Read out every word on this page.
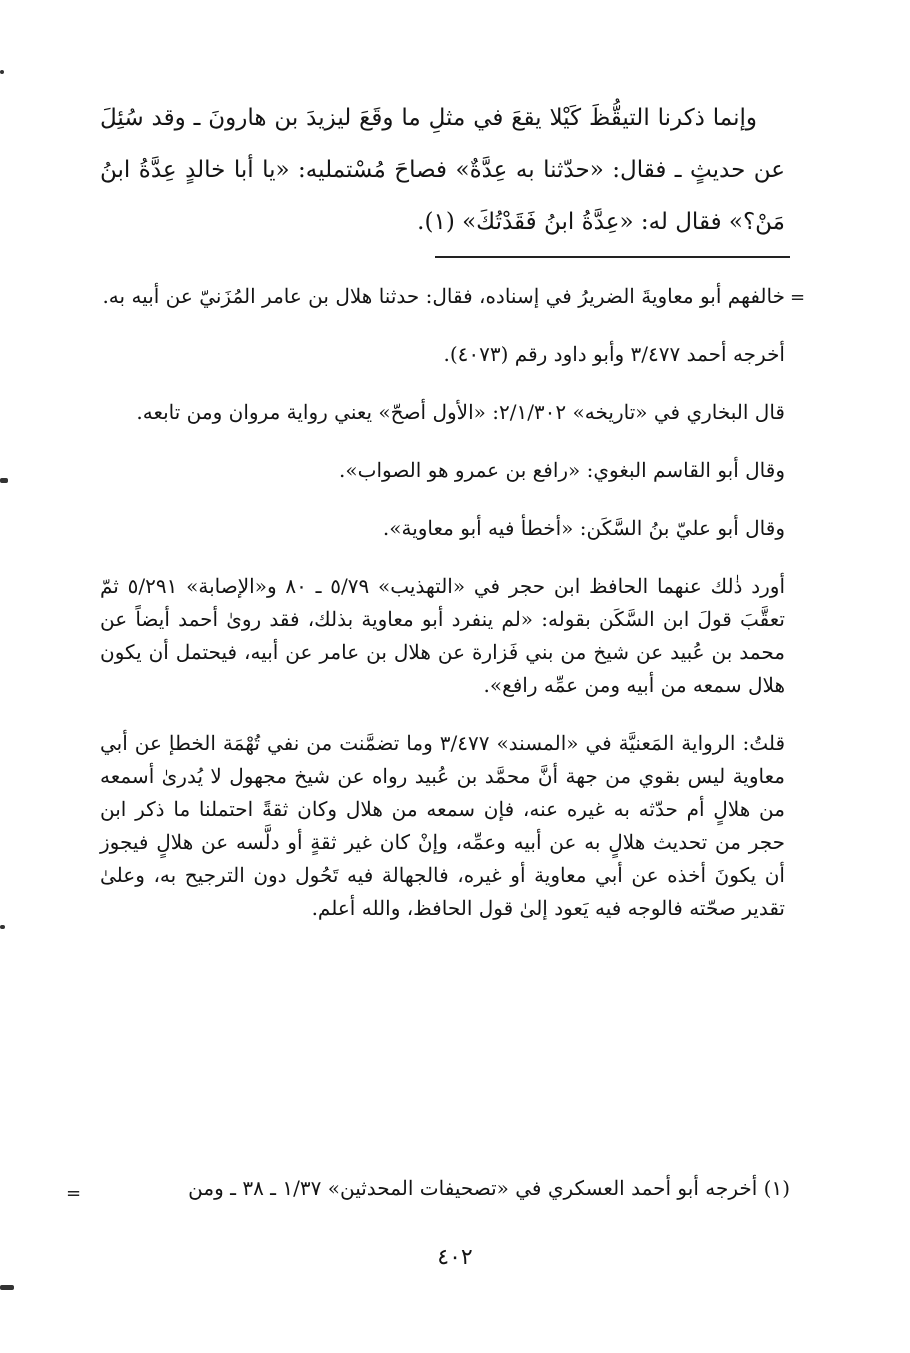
وإنما ذكرنا التيقُّظَ كَيْلا يقعَ في مثلِ ما وقَعَ ليزيدَ بن هارونَ ـ وقد سُئِلَ عن حديثٍ ـ فقال: «حدّثنا به عِدَّةٌ» فصاحَ مُسْتمليه: «يا أبا خالدٍ عِدَّةُ ابنُ مَنْ؟» فقال له: «عِدَّةُ ابنُ فَقَدْتُكَ» (١).

=

خالفهم أبو معاويةَ الضريرُ في إسناده، فقال: حدثنا هلال بن عامر المُزَنيّ عن أبيه به.

أخرجه أحمد ٣/٤٧٧ وأبو داود رقم (٤٠٧٣).

قال البخاري في «تاريخه» ٢/١/٣٠٢: «الأول أصحّ» يعني رواية مروان ومن تابعه.

وقال أبو القاسم البغوي: «رافع بن عمرو هو الصواب».

وقال أبو عليّ بنُ السَّكَن: «أخطأ فيه أبو معاوية».

أورد ذٰلك عنهما الحافظ ابن حجر في «التهذيب» ٥/٧٩ ـ ٨٠ و«الإصابة» ٥/٢٩١ ثمّ تعقَّبَ قولَ ابن السَّكَن بقوله: «لم ينفرد أبو معاوية بذلك، فقد روىٰ أحمد أيضاً عن محمد بن عُبيد عن شيخ من بني فَزارة عن هلال بن عامر عن أبيه، فيحتمل أن يكون هلال سمعه من أبيه ومن عمِّه رافع».

قلتُ: الرواية المَعنيَّة في «المسند» ٣/٤٧٧ وما تضمَّنت من نفي تُهْمَة الخطإ عن أبي معاوية ليس بقوي من جهة أنَّ محمَّد بن عُبيد رواه عن شيخ مجهول لا يُدرىٰ أسمعه من هلالٍ أم حدّثه به غيره عنه، فإن سمعه من هلال وكان ثقةً احتملنا ما ذكر ابن حجر من تحديث هلالٍ به عن أبيه وعمِّه، وإنْ كان غير ثقةٍ أو دلَّسه عن هلالٍ فيجوز أن يكونَ أخذه عن أبي معاوية أو غيره، فالجهالة فيه تَحُول دون الترجيح به، وعلىٰ تقدير صحّته فالوجه فيه يَعود إلىٰ قول الحافظ، والله أعلم.

(١) أخرجه أبو أحمد العسكري في «تصحيفات المحدثين» ١/٣٧ ـ ٣٨ ـ ومن
=
٤٠٢
